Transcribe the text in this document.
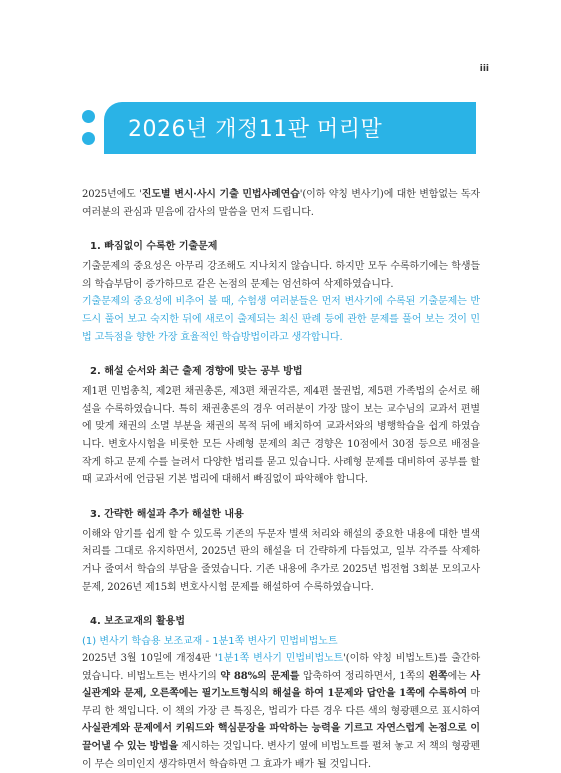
iii
2026년 개정11판 머리말

2025년에도 '진도별 변시·사시 기출 민법사례연습'(이하 약칭 변사기)에 대한 변함없는 독자 여러분의 관심과 믿음에 감사의 말씀을 먼저 드립니다.

1. 빠짐없이 수록한 기출문제

기출문제의 중요성은 아무리 강조해도 지나치지 않습니다. 하지만 모두 수록하기에는 학생들의 학습부담이 증가하므로 같은 논점의 문제는 엄선하여 삭제하였습니다.

기출문제의 중요성에 비추어 볼 때, 수험생 여러분들은 먼저 변사기에 수록된 기출문제는 반드시 풀어 보고 숙지한 뒤에 새로이 출제되는 최신 판례 등에 관한 문제를 풀어 보는 것이 민법 고득점을 향한 가장 효율적인 학습방법이라고 생각합니다.

2. 해설 순서와 최근 출제 경향에 맞는 공부 방법

제1편 민법총칙, 제2편 채권총론, 제3편 채권각론, 제4편 물권법, 제5편 가족법의 순서로 해설을 수록하였습니다. 특히 채권총론의 경우 여러분이 가장 많이 보는 교수님의 교과서 편별에 맞게 채권의 소멸 부분을 채권의 목적 뒤에 배치하여 교과서와의 병행학습을 쉽게 하였습니다. 변호사시험을 비롯한 모든 사례형 문제의 최근 경향은 10점에서 30점 등으로 배점을 작게 하고 문제 수를 늘려서 다양한 법리를 묻고 있습니다. 사례형 문제를 대비하여 공부를 할 때 교과서에 언급된 기본 법리에 대해서 빠짐없이 파악해야 합니다.

3. 간략한 해설과 추가 해설한 내용

이해와 암기를 쉽게 할 수 있도록 기존의 두문자 별색 처리와 해설의 중요한 내용에 대한 별색 처리를 그대로 유지하면서, 2025년 판의 해설을 더 간략하게 다듬었고, 일부 각주를 삭제하거나 줄여서 학습의 부담을 줄였습니다. 기존 내용에 추가로 2025년 법전협 3회분 모의고사 문제, 2026년 제15회 변호사시험 문제를 해설하여 수록하였습니다.

4. 보조교재의 활용법

(1) 변사기 학습용 보조교재 - 1분1쪽 변사기 민법비법노트

2025년 3월 10일에 개정4판 '1분1쪽 변사기 민법비법노트'(이하 약칭 비법노트)를 출간하였습니다. 비법노트는 변사기의 약 88%의 문제를 압축하여 정리하면서, 1쪽의 왼쪽에는 사실관계와 문제, 오른쪽에는 필기노트형식의 해설을 하여 1문제와 답안을 1쪽에 수록하여 마무리 한 책입니다. 이 책의 가장 큰 특징은, 법리가 다른 경우 다른 색의 형광펜으로 표시하여 사실관계와 문제에서 키워드와 핵심문장을 파악하는 능력을 기르고 자연스럽게 논점으로 이끌어낼 수 있는 방법을 제시하는 것입니다. 변사기 옆에 비법노트를 펼쳐 놓고 저 책의 형광펜이 무슨 의미인지 생각하면서 학습하면 그 효과가 배가 될 것입니다.
